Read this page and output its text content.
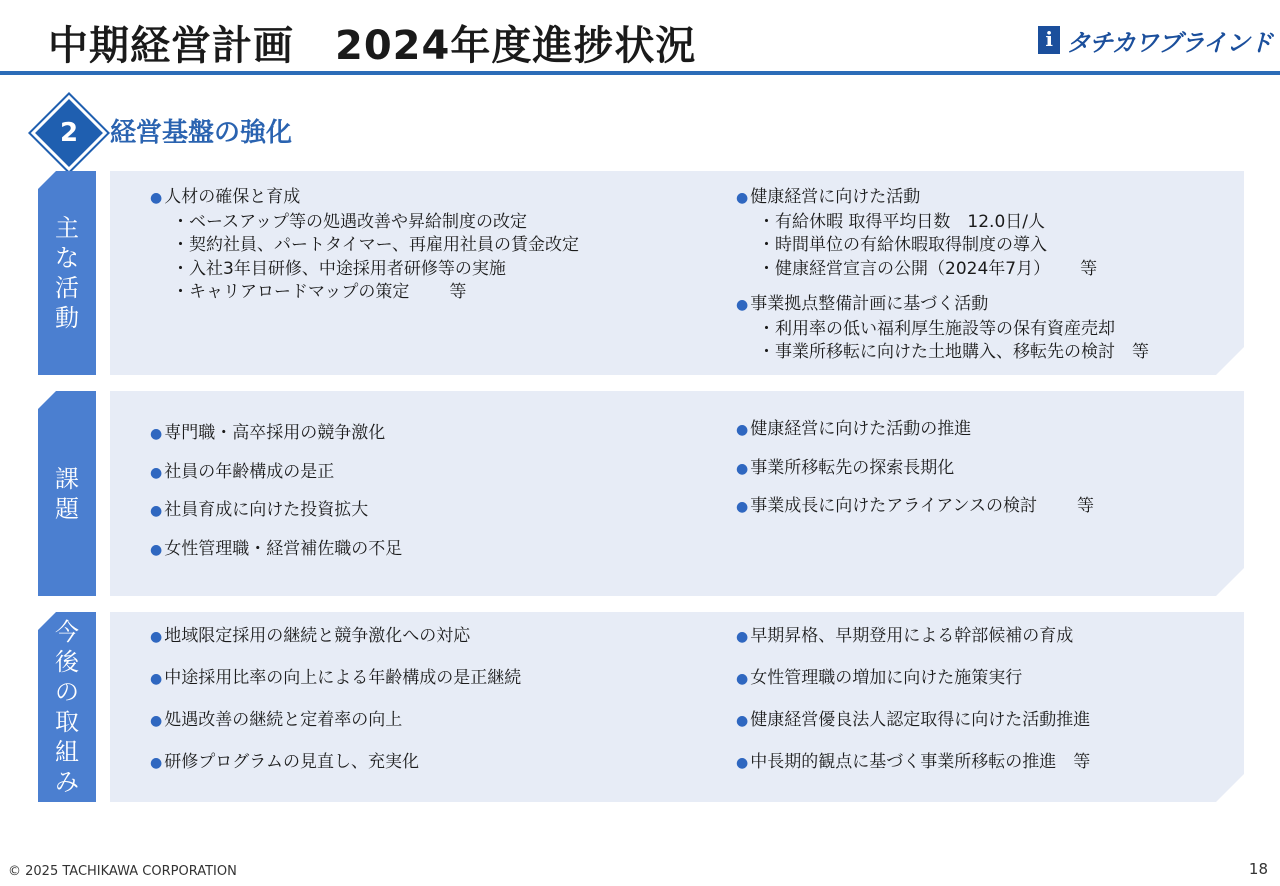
中期経営計画　2024年度進捗状況	i タチカワブラインド
2	経営基盤の強化
主
な
活
動
● 人材の確保と育成
・ベースアップ等の処遇改善や昇給制度の改定
・契約社員、パートタイマー、再雇用社員の賃金改定
・入社3年目研修、中途採用者研修等の実施
・キャリアロードマップの策定 等
● 健康経営に向けた活動
・有給休暇 取得平均日数　12.0日/人
・時間単位の有給休暇取得制度の導入
・健康経営宣言の公開（2024年7月） 等
● 事業拠点整備計画に基づく活動
・利用率の低い福利厚生施設等の保有資産売却
・事業所移転に向けた土地購入、移転先の検討　等
課
題
● 専門職・高卒採用の競争激化
● 社員の年齢構成の是正
● 社員育成に向けた投資拡大
● 女性管理職・経営補佐職の不足
● 健康経営に向けた活動の推進
● 事業所移転先の探索長期化
● 事業成長に向けたアライアンスの検討 等
今
後
の
取
組
み
● 地域限定採用の継続と競争激化への対応
● 中途採用比率の向上による年齢構成の是正継続
● 処遇改善の継続と定着率の向上
● 研修プログラムの見直し、充実化
● 早期昇格、早期登用による幹部候補の育成
● 女性管理職の増加に向けた施策実行
● 健康経営優良法人認定取得に向けた活動推進
● 中長期的観点に基づく事業所移転の推進　等
© 2025 TACHIKAWA CORPORATION	18
